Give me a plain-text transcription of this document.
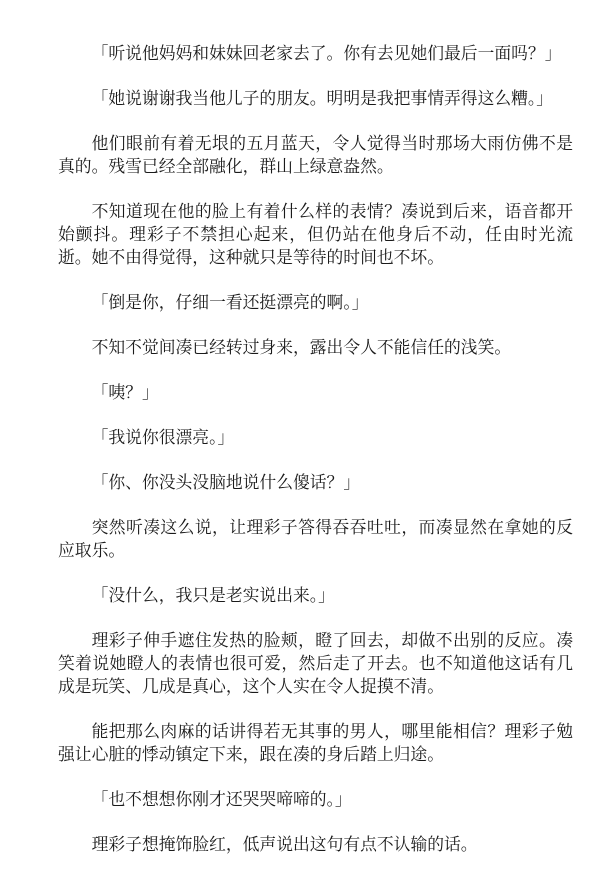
「听说他妈妈和妹妹回老家去了。你有去见她们最后一面吗？」

「她说谢谢我当他儿子的朋友。明明是我把事情弄得这么糟。」

他们眼前有着无垠的五月蓝天，令人觉得当时那场大雨仿佛不是真的。残雪已经全部融化，群山上绿意盎然。

不知道现在他的脸上有着什么样的表情？凑说到后来，语音都开始颤抖。理彩子不禁担心起来，但仍站在他身后不动，任由时光流逝。她不由得觉得，这种就只是等待的时间也不坏。

「倒是你，仔细一看还挺漂亮的啊。」

不知不觉间凑已经转过身来，露出令人不能信任的浅笑。

「咦？」

「我说你很漂亮。」

「你、你没头没脑地说什么傻话？」

突然听凑这么说，让理彩子答得吞吞吐吐，而凑显然在拿她的反应取乐。

「没什么，我只是老实说出来。」

理彩子伸手遮住发热的脸颊，瞪了回去，却做不出别的反应。凑笑着说她瞪人的表情也很可爱，然后走了开去。也不知道他这话有几成是玩笑、几成是真心，这个人实在令人捉摸不清。

能把那么肉麻的话讲得若无其事的男人，哪里能相信？理彩子勉强让心脏的悸动镇定下来，跟在凑的身后踏上归途。

「也不想想你刚才还哭哭啼啼的。」

理彩子想掩饰脸红，低声说出这句有点不认输的话。
